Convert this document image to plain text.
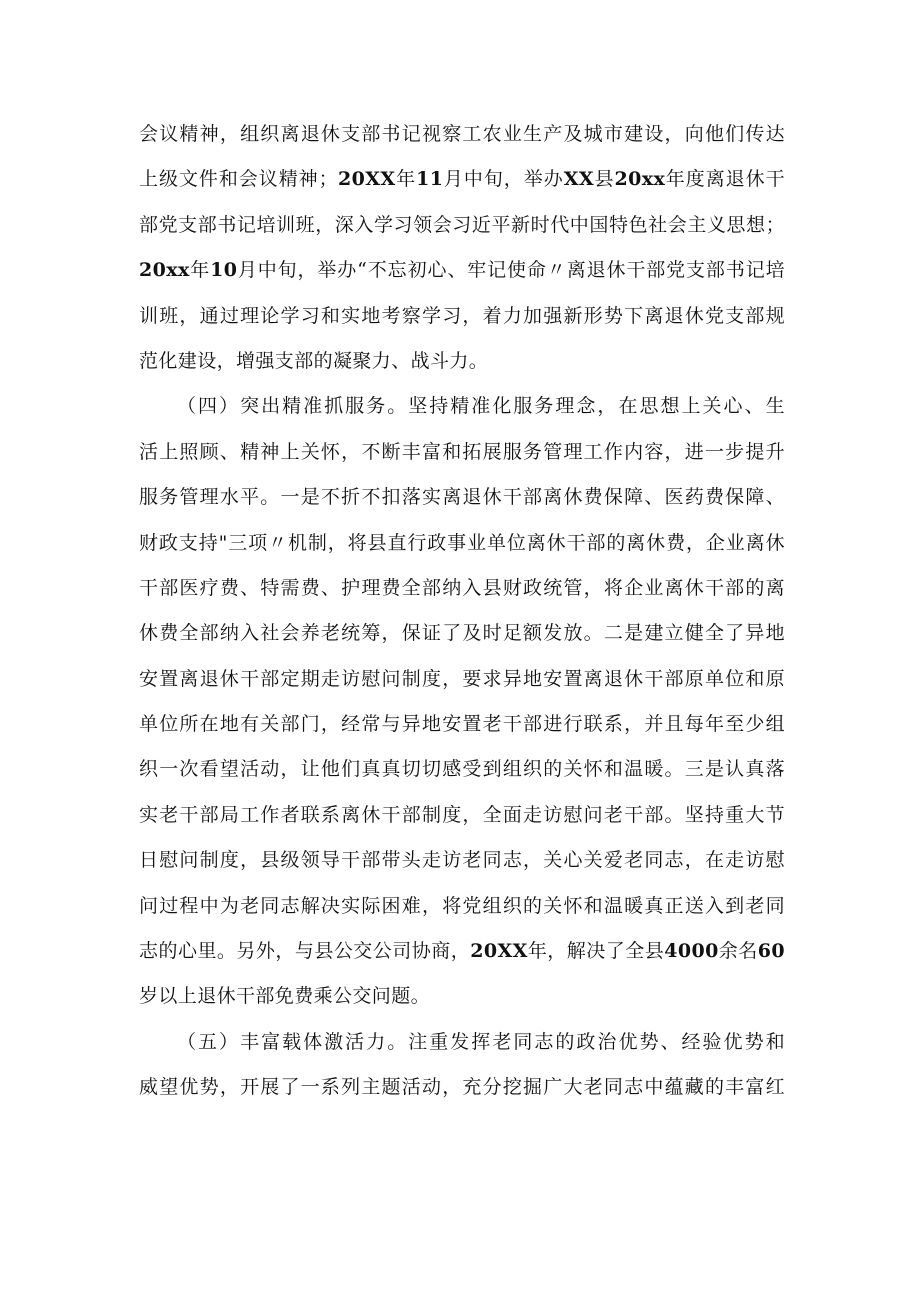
会议精神，组织离退休支部书记视察工农业生产及城市建设，向他们传达
上级文件和会议精神；20XX年11月中旬，举办XX县20xx年度离退休干
部党支部书记培训班，深入学习领会习近平新时代中国特色社会主义思想；
20xx年10月中旬，举办“不忘初心、牢记使命〃离退休干部党支部书记培
训班，通过理论学习和实地考察学习，着力加强新形势下离退休党支部规
范化建设，增强支部的凝聚力、战斗力。
（四）突出精准抓服务。坚持精准化服务理念，在思想上关心、生
活上照顾、精神上关怀，不断丰富和拓展服务管理工作内容，进一步提升
服务管理水平。一是不折不扣落实离退休干部离休费保障、医药费保障、
财政支持"三项〃机制，将县直行政事业单位离休干部的离休费，企业离休
干部医疗费、特需费、护理费全部纳入县财政统管，将企业离休干部的离
休费全部纳入社会养老统筹，保证了及时足额发放。二是建立健全了异地
安置离退休干部定期走访慰问制度，要求异地安置离退休干部原单位和原
单位所在地有关部门，经常与异地安置老干部进行联系，并且每年至少组
织一次看望活动，让他们真真切切感受到组织的关怀和温暖。三是认真落
实老干部局工作者联系离休干部制度，全面走访慰问老干部。坚持重大节
日慰问制度，县级领导干部带头走访老同志，关心关爱老同志，在走访慰
问过程中为老同志解决实际困难，将党组织的关怀和温暖真正送入到老同
志的心里。另外，与县公交公司协商，20XX年，解决了全县4000余名60
岁以上退休干部免费乘公交问题。
（五）丰富载体激活力。注重发挥老同志的政治优势、经验优势和
威望优势，开展了一系列主题活动，充分挖掘广大老同志中蕴藏的丰富红
